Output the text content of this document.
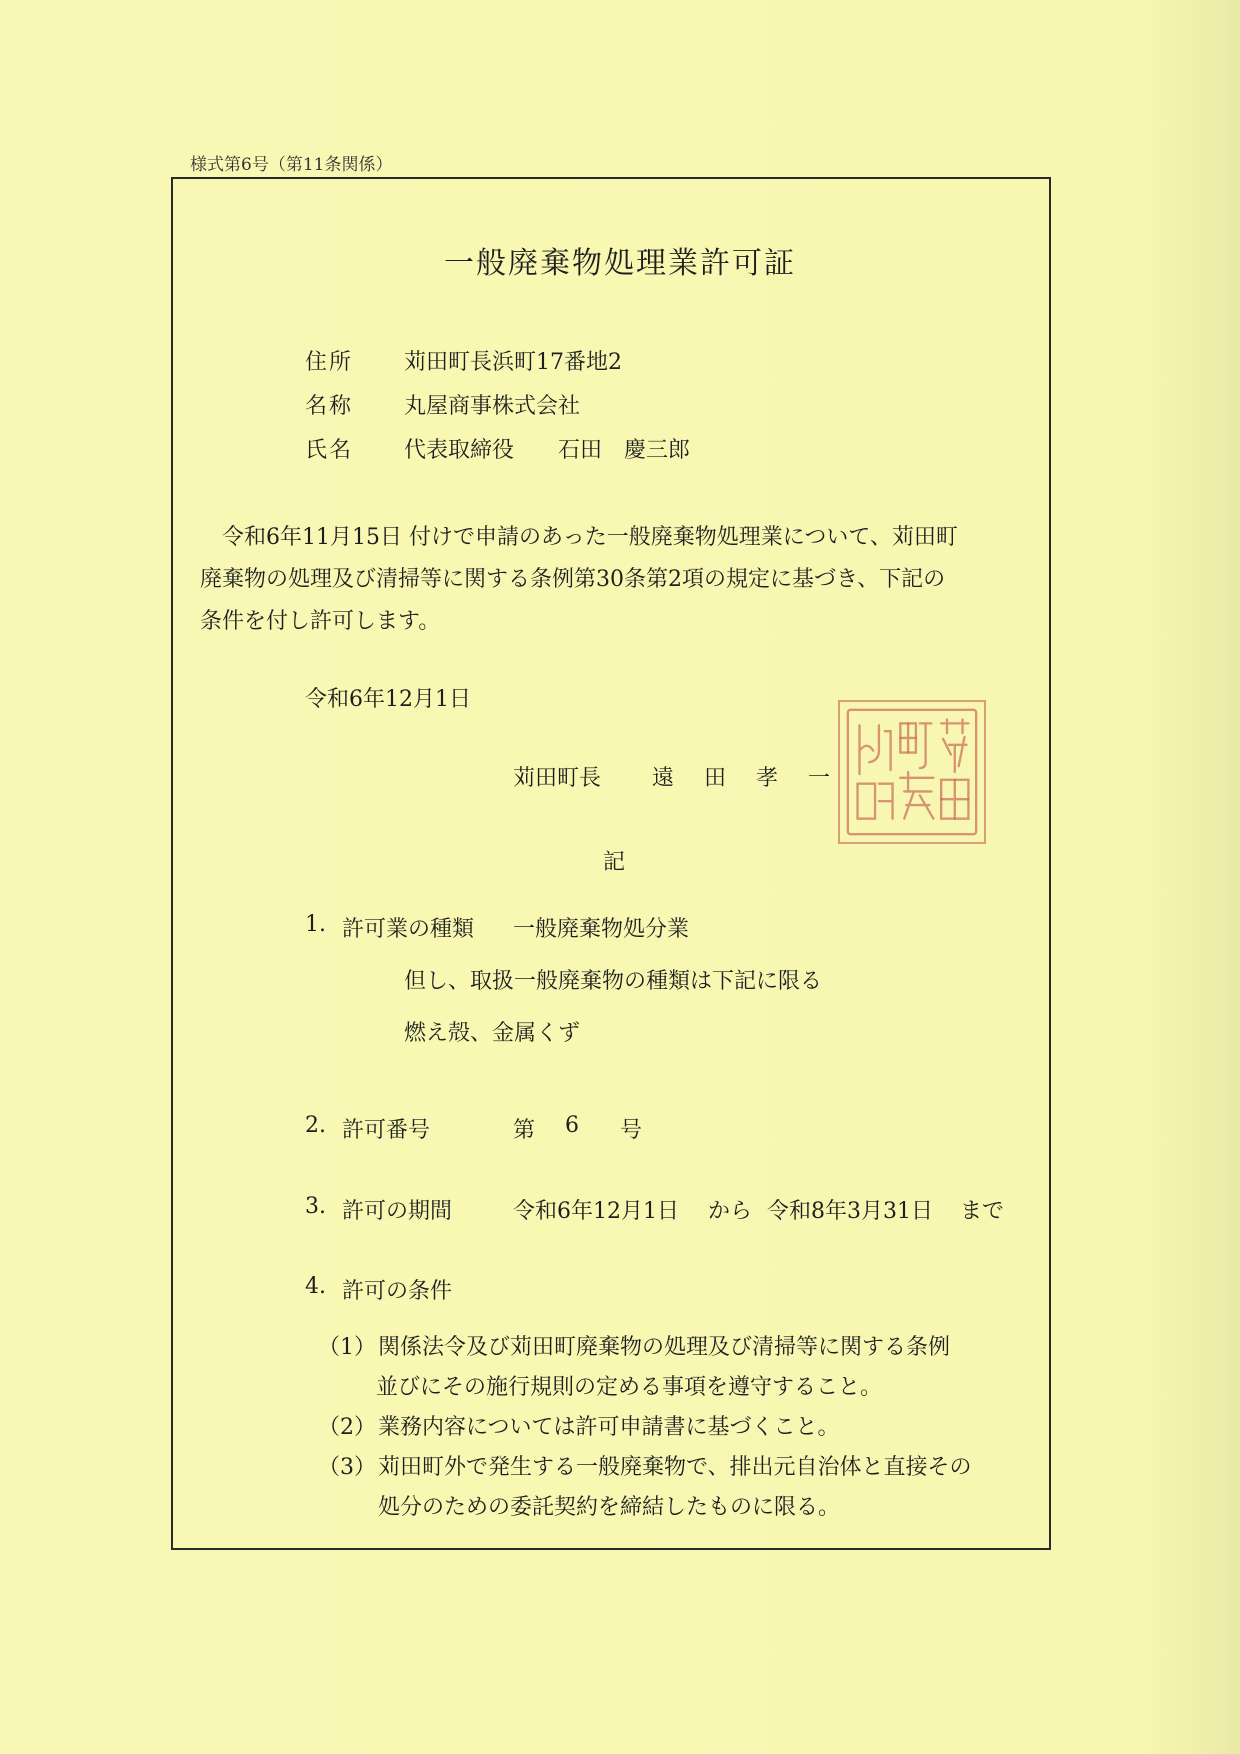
様式第6号（第11条関係）
一般廃棄物処理業許可証
住所 苅田町長浜町17番地2
名称 丸屋商事株式会社
氏名 代表取締役　　石田　慶三郎
令和6年11月15日 付けで申請のあった一般廃棄物処理業について、苅田町
廃棄物の処理及び清掃等に関する条例第30条第2項の規定に基づき、下記の
条件を付し許可します。
令和6年12月1日
苅田町長 遠田孝一
記
1. 許可業の種類 一般廃棄物処分業
但し、取扱一般廃棄物の種類は下記に限る
燃え殻、金属くず
2. 許可番号	第 6 号
3. 許可の期間	令和6年12月1日 から 令和8年3月31日 まで
4. 許可の条件
（1） 関係法令及び苅田町廃棄物の処理及び清掃等に関する条例
並びにその施行規則の定める事項を遵守すること。
（2） 業務内容については許可申請書に基づくこと。
（3） 苅田町外で発生する一般廃棄物で、排出元自治体と直接その
処分のための委託契約を締結したものに限る。
